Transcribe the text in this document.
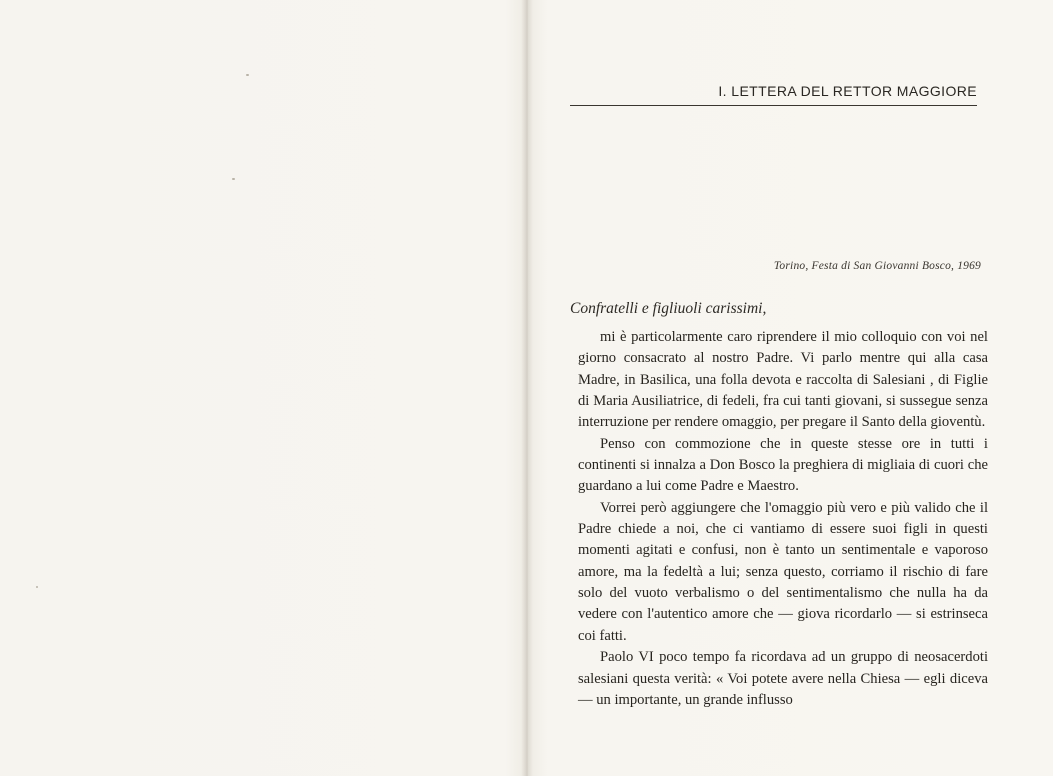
I. LETTERA DEL RETTOR MAGGIORE
Torino, Festa di San Giovanni Bosco, 1969
Confratelli e figliuoli carissimi,

mi è particolarmente caro riprendere il mio colloquio con voi nel giorno consacrato al nostro Padre. Vi parlo mentre qui alla casa Madre, in Basilica, una folla devota e raccolta di Salesiani , di Figlie di Maria Ausiliatrice, di fedeli, fra cui tanti giovani, si sussegue senza interruzione per rendere omaggio, per pregare il Santo della gioventù.

Penso con commozione che in queste stesse ore in tutti i continenti si innalza a Don Bosco la preghiera di migliaia di cuori che guardano a lui come Padre e Maestro.

Vorrei però aggiungere che l'omaggio più vero e più valido che il Padre chiede a noi, che ci vantiamo di essere suoi figli in questi momenti agitati e confusi, non è tanto un sentimentale e vaporoso amore, ma la fedeltà a lui; senza questo, corriamo il rischio di fare solo del vuoto verbalismo o del sentimentalismo che nulla ha da vedere con l'autentico amore che — giova ricordarlo — si estrinseca coi fatti.

Paolo VI poco tempo fa ricordava ad un gruppo di neosacerdoti salesiani questa verità: « Voi potete avere nella Chiesa — egli diceva — un importante, un grande influsso
